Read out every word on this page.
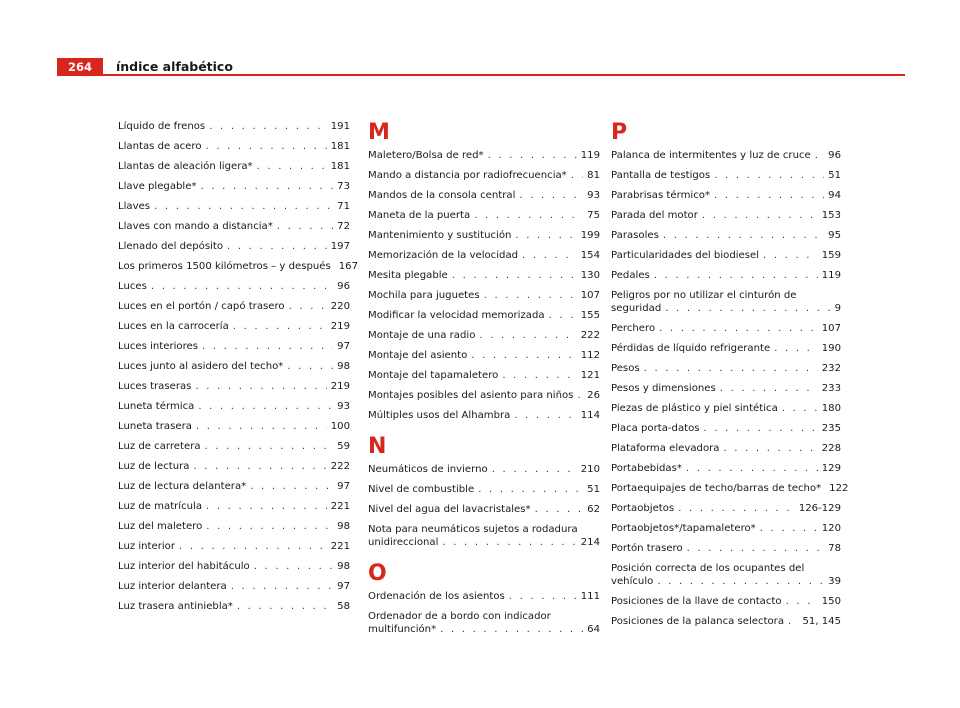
264	índice alfabético
Líquido de frenos . . .	191
Llantas de acero . . .	181
Llantas de aleación ligera* . . .	181
Llave plegable* . . .	73
Llaves . . .	71
Llaves con mando a distancia* . . .	72
Llenado del depósito . . .	197
Los primeros 1500 kilómetros – y después 167
Luces . . .	96
Luces en el portón / capó trasero . . .	220
Luces en la carrocería . . .	219
Luces interiores . . .	97
Luces junto al asidero del techo* . . .	98
Luces traseras . . .	219
Luneta térmica . . .	93
Luneta trasera . . .	100
Luz de carretera . . .	59
Luz de lectura . . .	222
Luz de lectura delantera* . . .	97
Luz de matrícula . . .	221
Luz del maletero . . .	98
Luz interior . . .	221
Luz interior del habitáculo . . .	98
Luz interior delantera . . .	97
Luz trasera antiniebla* . . .	58
M
Maletero/Bolsa de red* . . .	119
Mando a distancia por radiofrecuencia* . . . 81
Mandos de la consola central . . .	93
Maneta de la puerta . . .	75
Mantenimiento y sustitución . . .	199
Memorización de la velocidad . . .	154
Mesita plegable . . .	130
Mochila para juguetes . . .	107
Modificar la velocidad memorizada . . .	155
Montaje de una radio . . .	222
Montaje del asiento . . .	112
Montaje del tapamaletero . . .	121
Montajes posibles del asiento para niños . . . 26
Múltiples usos del Alhambra . . .	114
N
Neumáticos de invierno . . .	210
Nivel de combustible . . .	51
Nivel del agua del lavacristales* . . .	62
Nota para neumáticos sujetos a rodadura
unidireccional . . .	214
O
Ordenación de los asientos . . .	111
Ordenador de a bordo con indicador
multifunción* . . .	64
P
Palanca de intermitentes y luz de cruce . . . 96
Pantalla de testigos . . .	51
Parabrisas térmico* . . .	94
Parada del motor . . .	153
Parasoles . . .	95
Particularidades del biodiesel . . .	159
Pedales . . .	119
Peligros por no utilizar el cinturón de
seguridad . . .	9
Perchero . . .	107
Pérdidas de líquido refrigerante . . .	190
Pesos . . .	232
Pesos y dimensiones . . .	233
Piezas de plástico y piel sintética . . .	180
Placa porta-datos . . .	235
Plataforma elevadora . . .	228
Portabebidas* . . .	129
Portaequipajes de techo/barras de techo* 122
Portaobjetos . . .	126-129
Portaobjetos*/tapamaletero* . . .	120
Portón trasero . . .	78
Posición correcta de los ocupantes del
vehículo . . .	39
Posiciones de la llave de contacto . . .	150
Posiciones de la palanca selectora . . . 51, 145
